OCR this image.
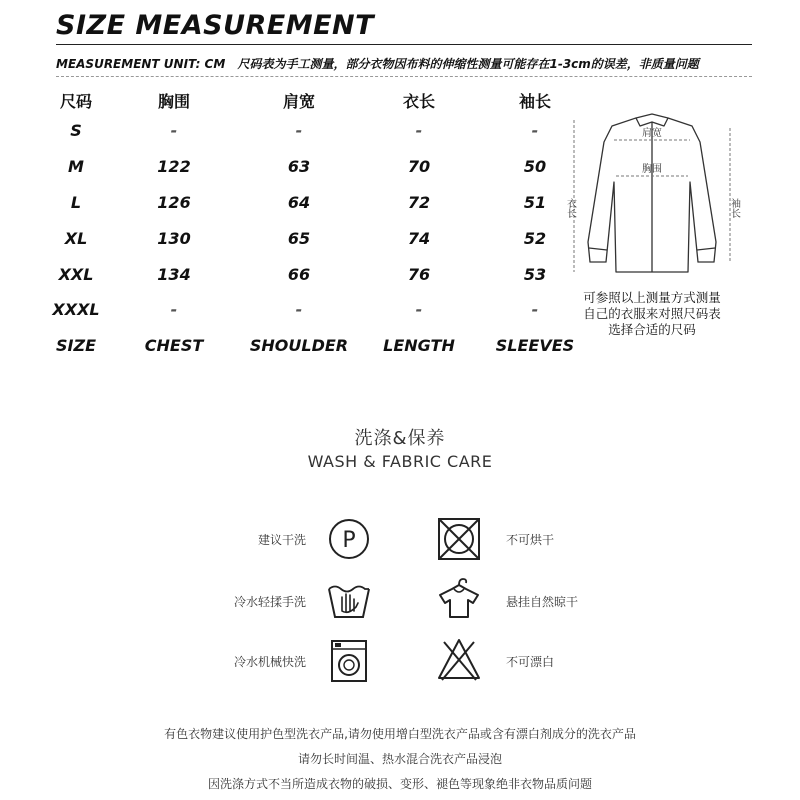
SIZE MEASUREMENT
MEASUREMENT UNIT: CM 尺码表为手工测量，部分衣物因布料的伸缩性测量可能存在1-3cm的误差，非质量问题
尺码	胸围	肩宽	衣长	袖长
S	-	-	-	-
M	122	63	70	50
L	126	64	72	51
XL	130	65	74	52
XXL	134	66	76	53
XXXL	-	-	-	-
SIZE	CHEST	SHOULDER	LENGTH	SLEEVES
肩宽
胸围
衣长	袖长
可参照以上测量方式测量
自己的衣服来对照尺码表
选择合适的尺码
洗涤&保养
WASH & FABRIC CARE
建议干洗 P	不可烘干
冷水轻揉手洗	悬挂自然晾干
冷水机械快洗	不可漂白
有色衣物建议使用护色型洗衣产品,请勿使用增白型洗衣产品或含有漂白剂成分的洗衣产品
请勿长时间温、热水混合洗衣产品浸泡
因洗涤方式不当所造成衣物的破损、变形、褪色等现象绝非衣物品质问题
